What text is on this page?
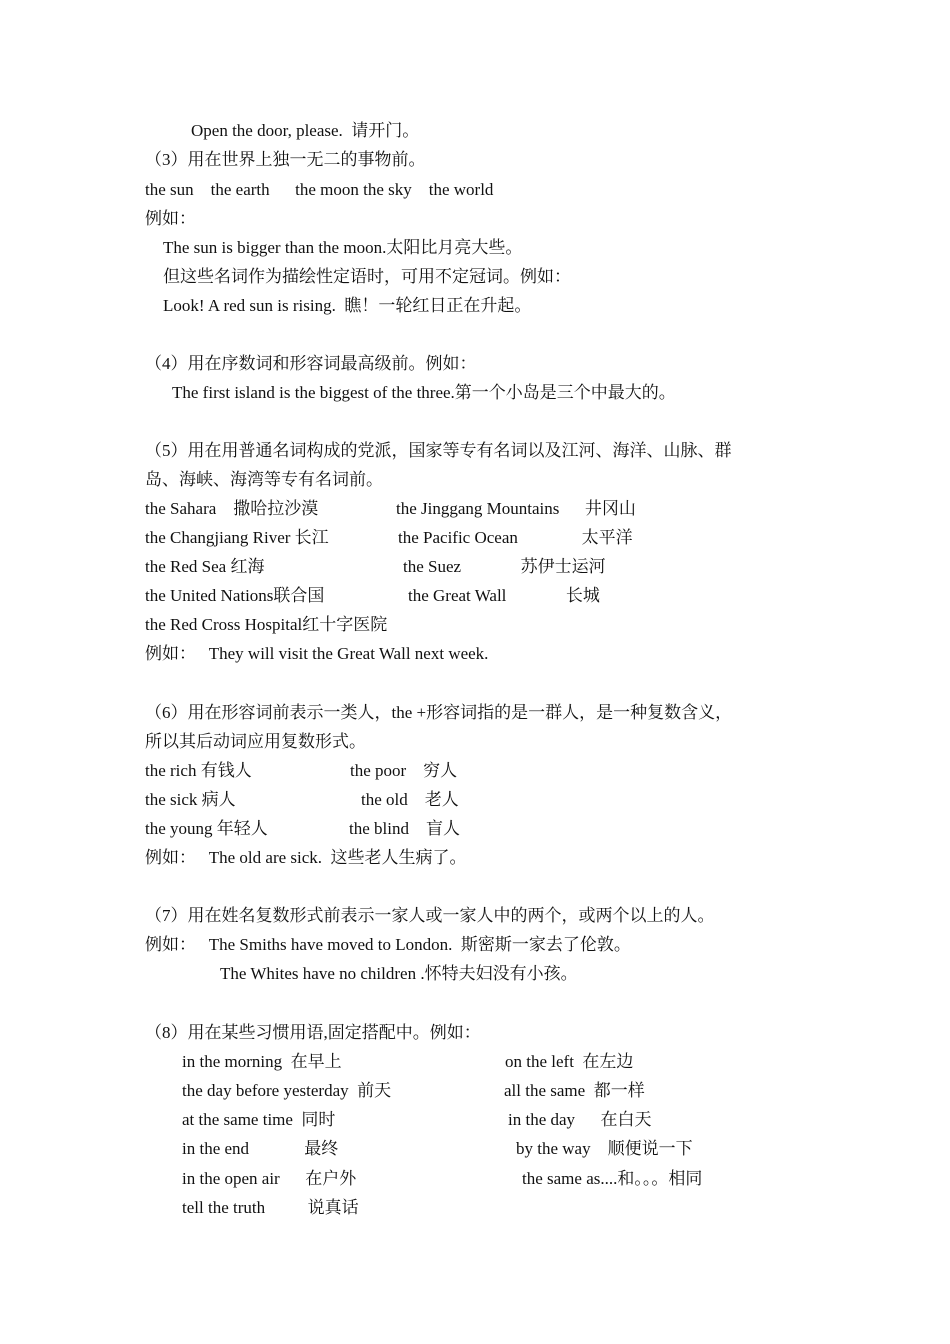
Open the door, please.  请开门。
（3）用在世界上独一无二的事物前。
the sun    the earth      the moon the sky    the world
例如：
The sun is bigger than the moon.太阳比月亮大些。
但这些名词作为描绘性定语时，可用不定冠词。例如：
Look! A red sun is rising.  瞧！一轮红日正在升起。
（4）用在序数词和形容词最高级前。例如：
The first island is the biggest of the three.第一个小岛是三个中最大的。
（5）用在用普通名词构成的党派，国家等专有名词以及江河、海洋、山脉、群
岛、海峡、海湾等专有名词前。
the Sahara    撒哈拉沙漠	the Jinggang Mountains      井冈山
the Changjiang River 长江	the Pacific Ocean               太平洋
the Red Sea 红海	the Suez              苏伊士运河
the United Nations联合国	the Great Wall              长城
the Red Cross Hospital红十字医院
例如：   They will visit the Great Wall next week.
（6）用在形容词前表示一类人，the +形容词指的是一群人，是一种复数含义，
所以其后动词应用复数形式。
the rich 有钱人	the poor    穷人
the sick 病人	the old    老人
the young 年轻人	the blind    盲人
例如：   The old are sick.  这些老人生病了。
（7）用在姓名复数形式前表示一家人或一家人中的两个，或两个以上的人。
例如：   The Smiths have moved to London.  斯密斯一家去了伦敦。
The Whites have no children .怀特夫妇没有小孩。
（8）用在某些习惯用语,固定搭配中。例如：
in the morning  在早上	on the left  在左边
the day before yesterday  前天	all the same  都一样
at the same time  同时	in the day      在白天
in the end             最终	by the way    顺便说一下
in the open air      在户外	the same as....和。。。相同
tell the truth          说真话
